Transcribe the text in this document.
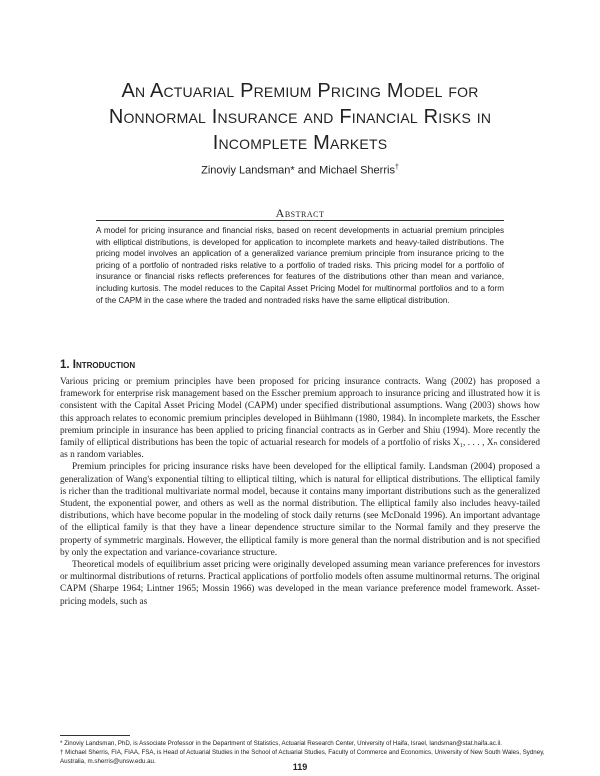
An Actuarial Premium Pricing Model for
Nonnormal Insurance and Financial Risks in
Incomplete Markets
Zinoviy Landsman* and Michael Sherris†
Abstract
A model for pricing insurance and financial risks, based on recent developments in actuarial premium principles with elliptical distributions, is developed for application to incomplete markets and heavy-tailed distributions. The pricing model involves an application of a generalized variance premium principle from insurance pricing to the pricing of a portfolio of nontraded risks relative to a portfolio of traded risks. This pricing model for a portfolio of insurance or financial risks reflects preferences for features of the distributions other than mean and variance, including kurtosis. The model reduces to the Capital Asset Pricing Model for multinormal portfolios and to a form of the CAPM in the case where the traded and nontraded risks have the same elliptical distribution.
1. Introduction

Various pricing or premium principles have been proposed for pricing insurance contracts. Wang (2002) has proposed a framework for enterprise risk management based on the Esscher premium approach to insurance pricing and illustrated how it is consistent with the Capital Asset Pricing Model (CAPM) under specified distributional assumptions. Wang (2003) shows how this approach relates to economic premium principles developed in Bühlmann (1980, 1984). In incomplete markets, the Esscher premium principle in insurance has been applied to pricing financial contracts as in Gerber and Shiu (1994). More recently the family of elliptical distributions has been the topic of actuarial research for models of a portfolio of risks X₁, . . . , Xₙ considered as n random variables.

Premium principles for pricing insurance risks have been developed for the elliptical family. Landsman (2004) proposed a generalization of Wang's exponential tilting to elliptical tilting, which is natural for elliptical distributions. The elliptical family is richer than the traditional multivariate normal model, because it contains many important distributions such as the generalized Student, the exponential power, and others as well as the normal distribution. The elliptical family also includes heavy-tailed distributions, which have become popular in the modeling of stock daily returns (see McDonald 1996). An important advantage of the elliptical family is that they have a linear dependence structure similar to the Normal family and they preserve the property of symmetric marginals. However, the elliptical family is more general than the normal distribution and is not specified by only the expectation and variance-covariance structure.

Theoretical models of equilibrium asset pricing were originally developed assuming mean variance preferences for investors or multinormal distributions of returns. Practical applications of portfolio models often assume multinormal returns. The original CAPM (Sharpe 1964; Lintner 1965; Mossin 1966) was developed in the mean variance preference model framework. Asset-pricing models, such as

* Zinoviy Landsman, PhD, is Associate Professor in the Department of Statistics, Actuarial Research Center, University of Haifa, Israel, landsman@stat.haifa.ac.il.

† Michael Sherris, FIA, FIAA, FSA, is Head of Actuarial Studies in the School of Actuarial Studies, Faculty of Commerce and Economics, University of New South Wales, Sydney, Australia, m.sherris@unsw.edu.au.

119
